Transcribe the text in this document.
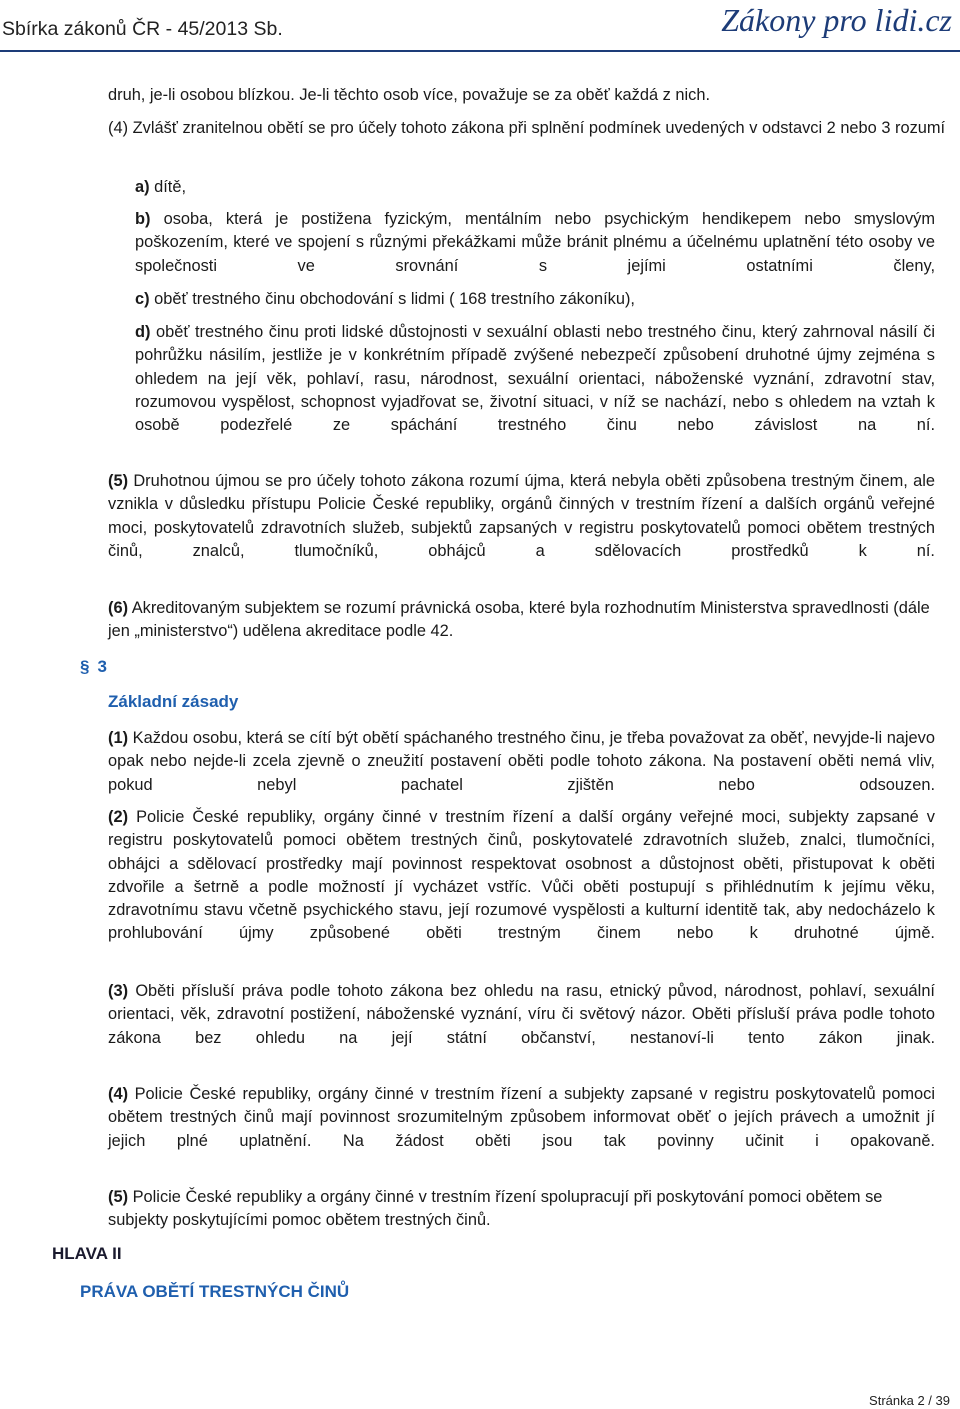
Sbírka zákonů ČR - 45/2013 Sb.	Zákony pro lidi.cz
druh, je-li osobou blízkou. Je-li těchto osob více, považuje se za oběť každá z nich.
(4) Zvlášť zranitelnou obětí se pro účely tohoto zákona při splnění podmínek uvedených v odstavci 2 nebo 3 rozumí
a) dítě,
b) osoba, která je postižena fyzickým, mentálním nebo psychickým hendikepem nebo smyslovým poškozením, které ve spojení s různými překážkami může bránit plnému a účelnému uplatnění této osoby ve společnosti ve srovnání s jejími ostatními členy,
c) oběť trestného činu obchodování s lidmi ( 168 trestního zákoníku),
d) oběť trestného činu proti lidské důstojnosti v sexuální oblasti nebo trestného činu, který zahrnoval násilí či pohrůžku násilím, jestliže je v konkrétním případě zvýšené nebezpečí způsobení druhotné újmy zejména s ohledem na její věk, pohlaví, rasu, národnost, sexuální orientaci, náboženské vyznání, zdravotní stav, rozumovou vyspělost, schopnost vyjadřovat se, životní situaci, v níž se nachází, nebo s ohledem na vztah k osobě podezřelé ze spáchání trestného činu nebo závislost na ní.
(5) Druhotnou újmou se pro účely tohoto zákona rozumí újma, která nebyla oběti způsobena trestným činem, ale vznikla v důsledku přístupu Policie České republiky, orgánů činných v trestním řízení a dalších orgánů veřejné moci, poskytovatelů zdravotních služeb, subjektů zapsaných v registru poskytovatelů pomoci obětem trestných činů, znalců, tlumočníků, obhájců a sdělovacích prostředků k ní.
(6) Akreditovaným subjektem se rozumí právnická osoba, které byla rozhodnutím Ministerstva spravedlnosti (dále jen „ministerstvo“) udělena akreditace podle 42.
§ 3
Základní zásady
(1) Každou osobu, která se cítí být obětí spáchaného trestného činu, je třeba považovat za oběť, nevyjde-li najevo opak nebo nejde-li zcela zjevně o zneužití postavení oběti podle tohoto zákona. Na postavení oběti nemá vliv, pokud nebyl pachatel zjištěn nebo odsouzen.
(2) Policie České republiky, orgány činné v trestním řízení a další orgány veřejné moci, subjekty zapsané v registru poskytovatelů pomoci obětem trestných činů, poskytovatelé zdravotních služeb, znalci, tlumočníci, obhájci a sdělovací prostředky mají povinnost respektovat osobnost a důstojnost oběti, přistupovat k oběti zdvořile a šetrně a podle možností jí vycházet vstříc. Vůči oběti postupují s přihlédnutím k jejímu věku, zdravotnímu stavu včetně psychického stavu, její rozumové vyspělosti a kulturní identitě tak, aby nedocházelo k prohlubování újmy způsobené oběti trestným činem nebo k druhotné újmě.
(3) Oběti přísluší práva podle tohoto zákona bez ohledu na rasu, etnický původ, národnost, pohlaví, sexuální orientaci, věk, zdravotní postižení, náboženské vyznání, víru či světový názor. Oběti přísluší práva podle tohoto zákona bez ohledu na její státní občanství, nestanoví-li tento zákon jinak.
(4) Policie České republiky, orgány činné v trestním řízení a subjekty zapsané v registru poskytovatelů pomoci obětem trestných činů mají povinnost srozumitelným způsobem informovat oběť o jejích právech a umožnit jí jejich plné uplatnění. Na žádost oběti jsou tak povinny učinit i opakovaně.
(5) Policie České republiky a orgány činné v trestním řízení spolupracují při poskytování pomoci obětem se subjekty poskytujícími pomoc obětem trestných činů.
HLAVA II
PRÁVA OBĚTÍ TRESTNÝCH ČINŮ
Stránka 2 / 39
